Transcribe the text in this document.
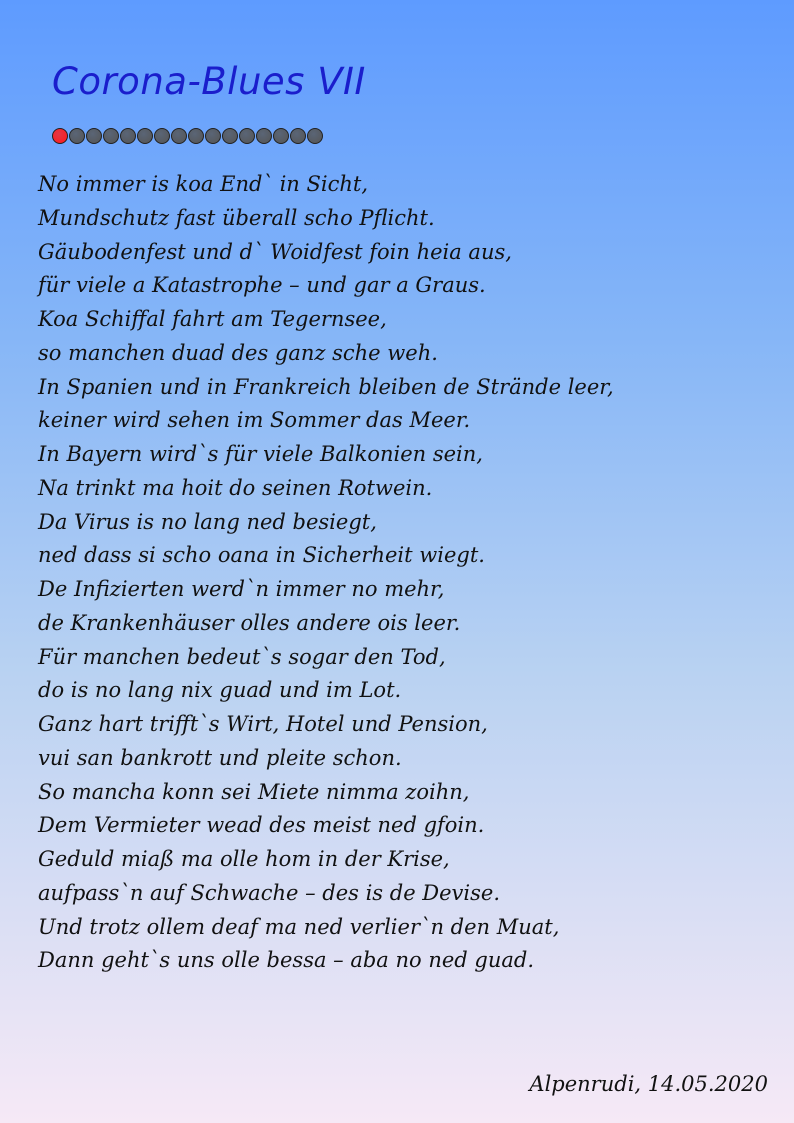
Corona-Blues VII
No immer is koa End` in Sicht,
Mundschutz fast überall scho Pflicht.
Gäubodenfest und d` Woidfest foin heia aus,
für viele a Katastrophe – und gar a Graus.
Koa Schiffal fahrt am Tegernsee,
so manchen duad des ganz sche weh.
In Spanien und in Frankreich bleiben de Strände leer,
keiner wird sehen im Sommer das Meer.
In Bayern wird`s für viele Balkonien sein,
Na trinkt ma hoit do seinen Rotwein.
Da Virus is no lang ned besiegt,
ned dass si scho oana in Sicherheit wiegt.
De Infizierten werd`n immer no mehr,
de Krankenhäuser olles andere ois leer.
Für manchen bedeut`s sogar den Tod,
do is no lang nix guad und im Lot.
Ganz hart trifft`s Wirt, Hotel und Pension,
vui san bankrott und pleite schon.
So mancha konn sei Miete nimma zoihn,
Dem Vermieter wead des meist ned gfoin.
Geduld miaß ma olle hom in der Krise,
aufpass`n auf Schwache – des is de Devise.
Und trotz ollem deaf ma ned verlier`n den Muat,
Dann geht`s uns olle bessa – aba no ned guad.
Alpenrudi, 14.05.2020
